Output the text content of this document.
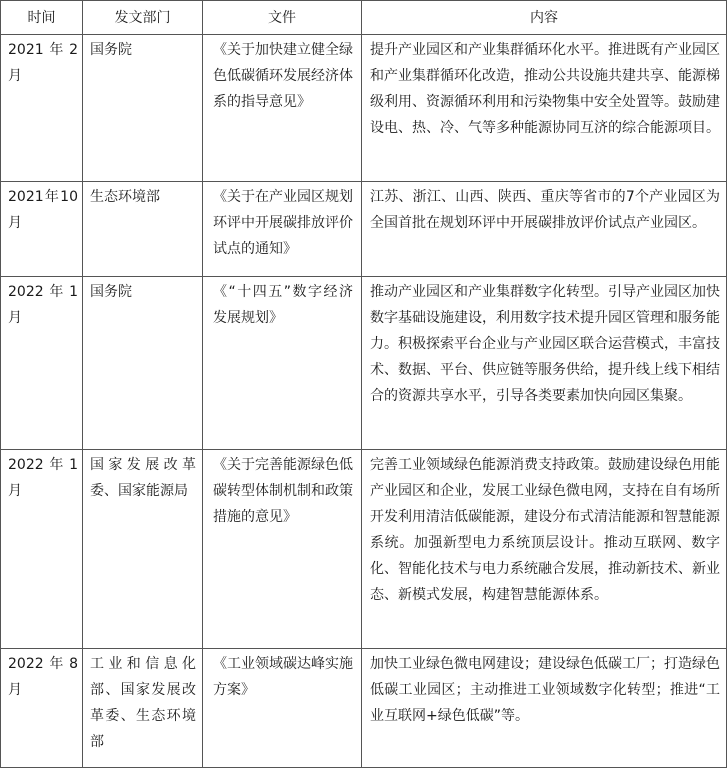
时间	发文部门	文件	内容
2021年2月	国务院	《关于加快建立健全绿色低碳循环发展经济体系的指导意见》	提升产业园区和产业集群循环化水平。推进既有产业园区和产业集群循环化改造，推动公共设施共建共享、能源梯级利用、资源循环利用和污染物集中安全处置等。鼓励建设电、热、冷、气等多种能源协同互济的综合能源项目。
2021年10月	生态环境部	《关于在产业园区规划环评中开展碳排放评价试点的通知》	江苏、浙江、山西、陕西、重庆等省市的7个产业园区为全国首批在规划环评中开展碳排放评价试点产业园区。
2022年1月	国务院	《“十四五”数字经济发展规划》	推动产业园区和产业集群数字化转型。引导产业园区加快数字基础设施建设，利用数字技术提升园区管理和服务能力。积极探索平台企业与产业园区联合运营模式，丰富技术、数据、平台、供应链等服务供给，提升线上线下相结合的资源共享水平，引导各类要素加快向园区集聚。
2022年1月	国家发展改革委、国家能源局	《关于完善能源绿色低碳转型体制机制和政策措施的意见》	完善工业领域绿色能源消费支持政策。鼓励建设绿色用能产业园区和企业，发展工业绿色微电网，支持在自有场所开发利用清洁低碳能源，建设分布式清洁能源和智慧能源系统。加强新型电力系统顶层设计。推动互联网、数字化、智能化技术与电力系统融合发展，推动新技术、新业态、新模式发展，构建智慧能源体系。
2022年8月	工业和信息化部、国家发展改革委、生态环境部	《工业领域碳达峰实施方案》	加快工业绿色微电网建设；建设绿色低碳工厂；打造绿色低碳工业园区；主动推进工业领域数字化转型；推进“工业互联网+绿色低碳”等。
